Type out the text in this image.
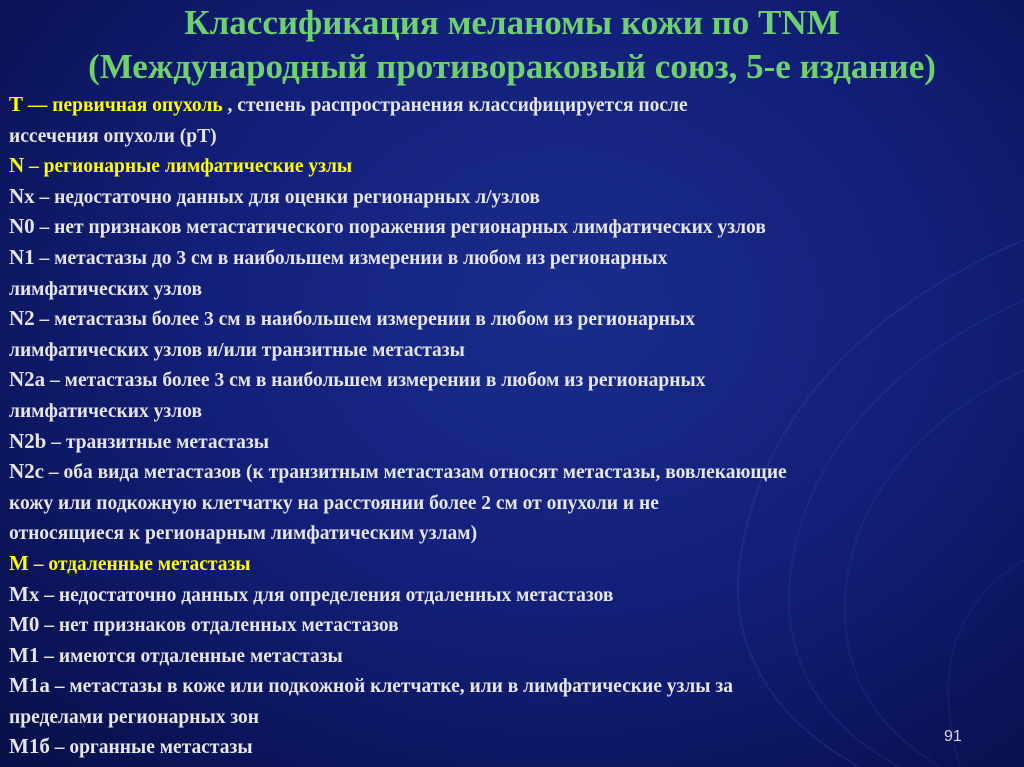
Классификация меланомы кожи по TNM
(Международный противораковый союз, 5-е издание)
T — первичная опухоль , степень распространения классифицируется после
иссечения опухоли (pT)
N – регионарные лимфатические узлы
Nx – недостаточно данных для оценки регионарных л/узлов
N0 – нет признаков метастатического поражения регионарных лимфатических узлов
N1 – метастазы до 3 см в наибольшем измерении в любом из регионарных
лимфатических узлов
N2 – метастазы более 3 см в наибольшем измерении в любом из регионарных
лимфатических узлов и/или транзитные метастазы
N2a – метастазы более 3 см в наибольшем измерении в любом из регионарных
лимфатических узлов
N2b – транзитные метастазы
N2c – оба вида метастазов (к транзитным метастазам относят метастазы, вовлекающие
кожу или подкожную клетчатку на расстоянии более 2 см от опухоли и не
относящиеся к регионарным лимфатическим узлам)
M – отдаленные метастазы
Mx – недостаточно данных для определения отдаленных метастазов
M0 – нет признаков отдаленных метастазов
M1 – имеются отдаленные метастазы
M1a – метастазы в коже или подкожной клетчатке, или в лимфатические узлы за
пределами регионарных зон
M1б – органные метастазы
91
